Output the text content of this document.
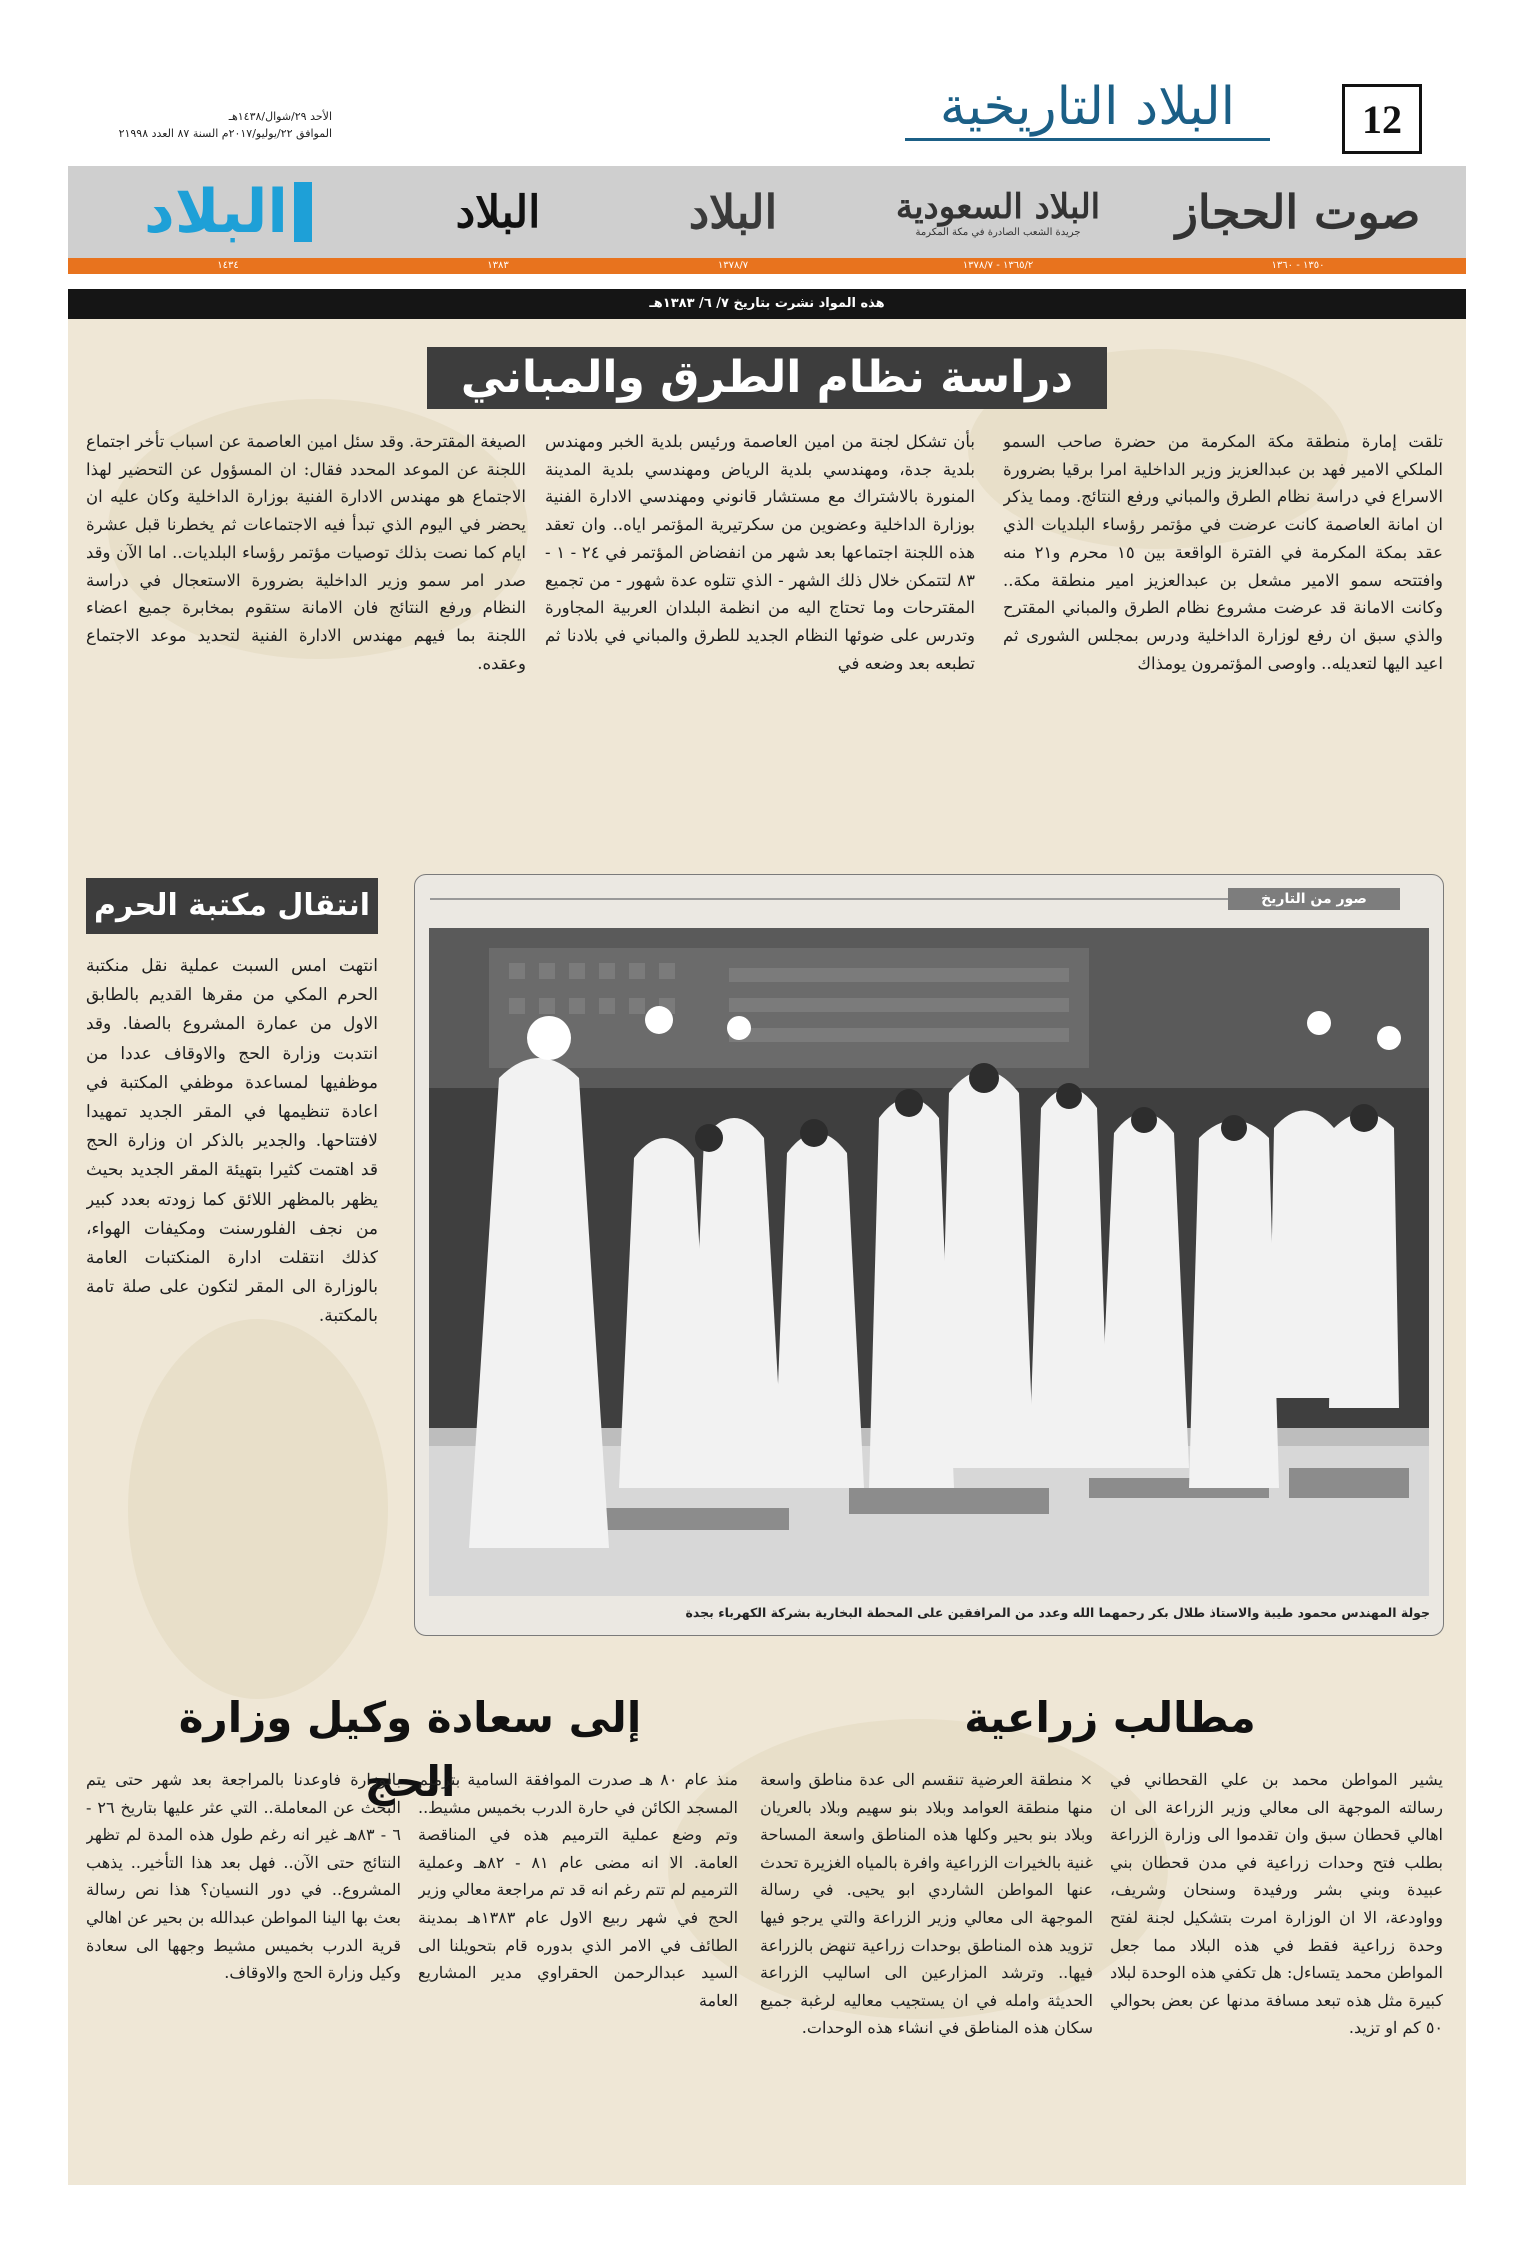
12
البلاد التاريخية
الأحد ٢٩/شوال/١٤٣٨هـ
الموافق ٢٢/يوليو/٢٠١٧م السنة ٨٧ العدد ٢١٩٩٨
صوت الحجاز
البلاد السعودية
جريدة الشعب الصادرة في مكة المكرمة
البلاد
البلاد
البلاد
١٣٥٠ - ١٣٦٠
١٣٦٥/٢ - ١٣٧٨/٧
١٣٧٨/٧
١٣٨٣
١٤٣٤
هذه المواد نشرت بتاريخ ٧/ ٦/ ١٣٨٣هـ
دراسة نظام الطرق والمباني
تلقت إمارة منطقة مكة المكرمة من حضرة صاحب السمو الملكي الامير فهد بن عبدالعزيز وزير الداخلية امرا برقيا بضرورة الاسراع في دراسة نظام الطرق والمباني ورفع النتائج. ومما يذكر ان امانة العاصمة كانت عرضت في مؤتمر رؤساء البلديات الذي عقد بمكة المكرمة في الفترة الواقعة بين ١٥ محرم و٢١ منه وافتتحه سمو الامير مشعل بن عبدالعزيز امير منطقة مكة.. وكانت الامانة قد عرضت مشروع نظام الطرق والمباني المقترح والذي سبق ان رفع لوزارة الداخلية ودرس بمجلس الشورى ثم اعيد اليها لتعديله.. واوصى المؤتمرون يومذاك
بأن تشكل لجنة من امين العاصمة ورئيس بلدية الخبر ومهندس بلدية جدة، ومهندسي بلدية الرياض ومهندسي بلدية المدينة المنورة بالاشتراك مع مستشار قانوني ومهندسي الادارة الفنية بوزارة الداخلية وعضوين من سكرتيرية المؤتمر اياه.. وان تعقد هذه اللجنة اجتماعها بعد شهر من انفضاض المؤتمر في ٢٤ - ١ - ٨٣ لتتمكن خلال ذلك الشهر - الذي تتلوه عدة شهور - من تجميع المقترحات وما تحتاج اليه من انظمة البلدان العربية المجاورة وتدرس على ضوئها النظام الجديد للطرق والمباني في بلادنا ثم تطبعه بعد وضعه في
الصيغة المقترحة. وقد سئل امين العاصمة عن اسباب تأخر اجتماع اللجنة عن الموعد المحدد فقال: ان المسؤول عن التحضير لهذا الاجتماع هو مهندس الادارة الفنية بوزارة الداخلية وكان عليه ان يحضر في اليوم الذي تبدأ فيه الاجتماعات ثم يخطرنا قبل عشرة ايام كما نصت بذلك توصيات مؤتمر رؤساء البلديات.. اما الآن وقد صدر امر سمو وزير الداخلية بضرورة الاستعجال في دراسة النظام ورفع النتائج فان الامانة ستقوم بمخابرة جميع اعضاء اللجنة بما فيهم مهندس الادارة الفنية لتحديد موعد الاجتماع وعقده.
انتقال مكتبة الحرم
انتهت امس السبت عملية نقل منكتبة الحرم المكي من مقرها القديم بالطابق الاول من عمارة المشروع بالصفا. وقد انتدبت وزارة الحج والاوقاف عددا من موظفيها لمساعدة موظفي المكتبة في اعادة تنظيمها في المقر الجديد تمهيدا لافتتاحها. والجدير بالذكر ان وزارة الحج قد اهتمت كثيرا بتهيئة المقر الجديد بحيث يظهر بالمظهر اللائق كما زودته بعدد كبير من نجف الفلورسنت ومكيفات الهواء، كذلك انتقلت ادارة المنكتبات العامة بالوزارة الى المقر لتكون على صلة تامة بالمكتبة.
صور من التاريخ
جولة المهندس محمود طيبة والاستاذ طلال بكر رحمهما الله وعدد من المرافقين على المحطة البخارية بشركة الكهرباء بجدة
مطالب زراعية
إلى سعادة وكيل وزارة الحج	يشير المواطن محمد بن علي القحطاني في رسالته الموجهة الى معالي وزير الزراعة الى ان اهالي قحطان سبق وان تقدموا الى وزارة الزراعة بطلب فتح وحدات زراعية في مدن قحطان بني عبيدة وبني بشر ورفيدة وسنحان وشريف، وواودعة، الا ان الوزارة امرت بتشكيل لجنة لفتح وحدة زراعية فقط في هذه البلاد مما جعل المواطن محمد يتساءل: هل تكفي هذه الوحدة لبلاد كبيرة مثل هذه تبعد مسافة مدنها عن بعض بحوالي ٥٠ كم او تزيد.
× منطقة العرضية تنقسم الى عدة مناطق واسعة منها منطقة العوامد وبلاد بنو سهيم وبلاد بالعريان وبلاد بنو بحير وكلها هذه المناطق واسعة المساحة غنية بالخيرات الزراعية وافرة بالمياه الغزيرة تحدث عنها المواطن الشاردي ابو يحيى. في رسالة الموجهة الى معالي وزير الزراعة والتي يرجو فيها تزويد هذه المناطق بوحدات زراعية تنهض بالزراعة فيها.. وترشد المزارعين الى اساليب الزراعة الحديثة وامله في ان يستجيب معاليه لرغبة جميع سكان هذه المناطق في انشاء هذه الوحدات.
منذ عام ٨٠ هـ صدرت الموافقة السامية بترميم المسجد الكائن في حارة الدرب بخميس مشيط.. وتم وضع عملية الترميم هذه في المناقصة العامة. الا انه مضى عام ٨١ - ٨٢هـ وعملية الترميم لم تتم رغم انه قد تم مراجعة معالي وزير الحج في شهر ربيع الاول عام ١٣٨٣هـ بمدينة الطائف في الامر الذي بدوره قام بتحويلنا الى السيد عبدالرحمن الحقراوي مدير المشاريع العامة
بالوزارة فاوعدنا بالمراجعة بعد شهر حتى يتم البحث عن المعاملة.. التي عثر عليها بتاريخ ٢٦ - ٦ - ٨٣هـ غير انه رغم طول هذه المدة لم تظهر النتائج حتى الآن.. فهل بعد هذا التأخير.. يذهب المشروع.. في دور النسيان؟ هذا نص رسالة بعث بها الينا المواطن عبدالله بن بحير عن اهالي قرية الدرب بخميس مشيط وجهها الى سعادة وكيل وزارة الحج والاوقاف.
